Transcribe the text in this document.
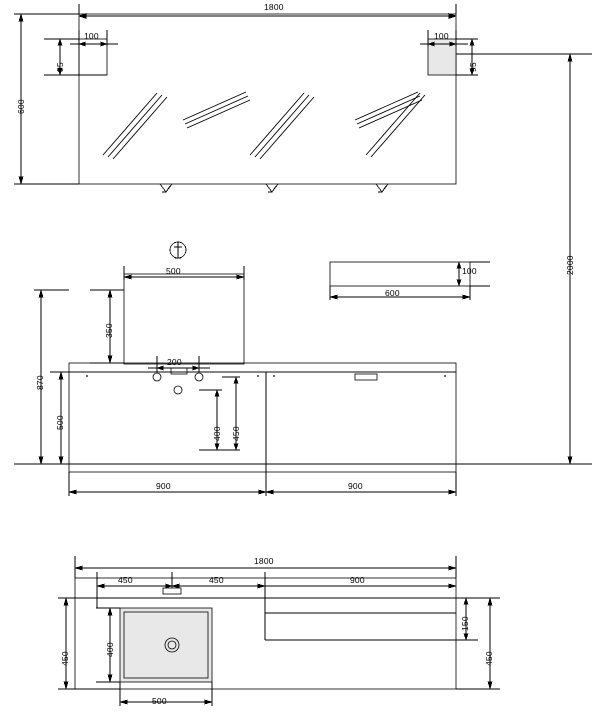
1800
100	100
95	95
600
2000
500	100
600
350
200
870
500
400 450
900	900
1800
450	450	900
150
400
450	450
500
